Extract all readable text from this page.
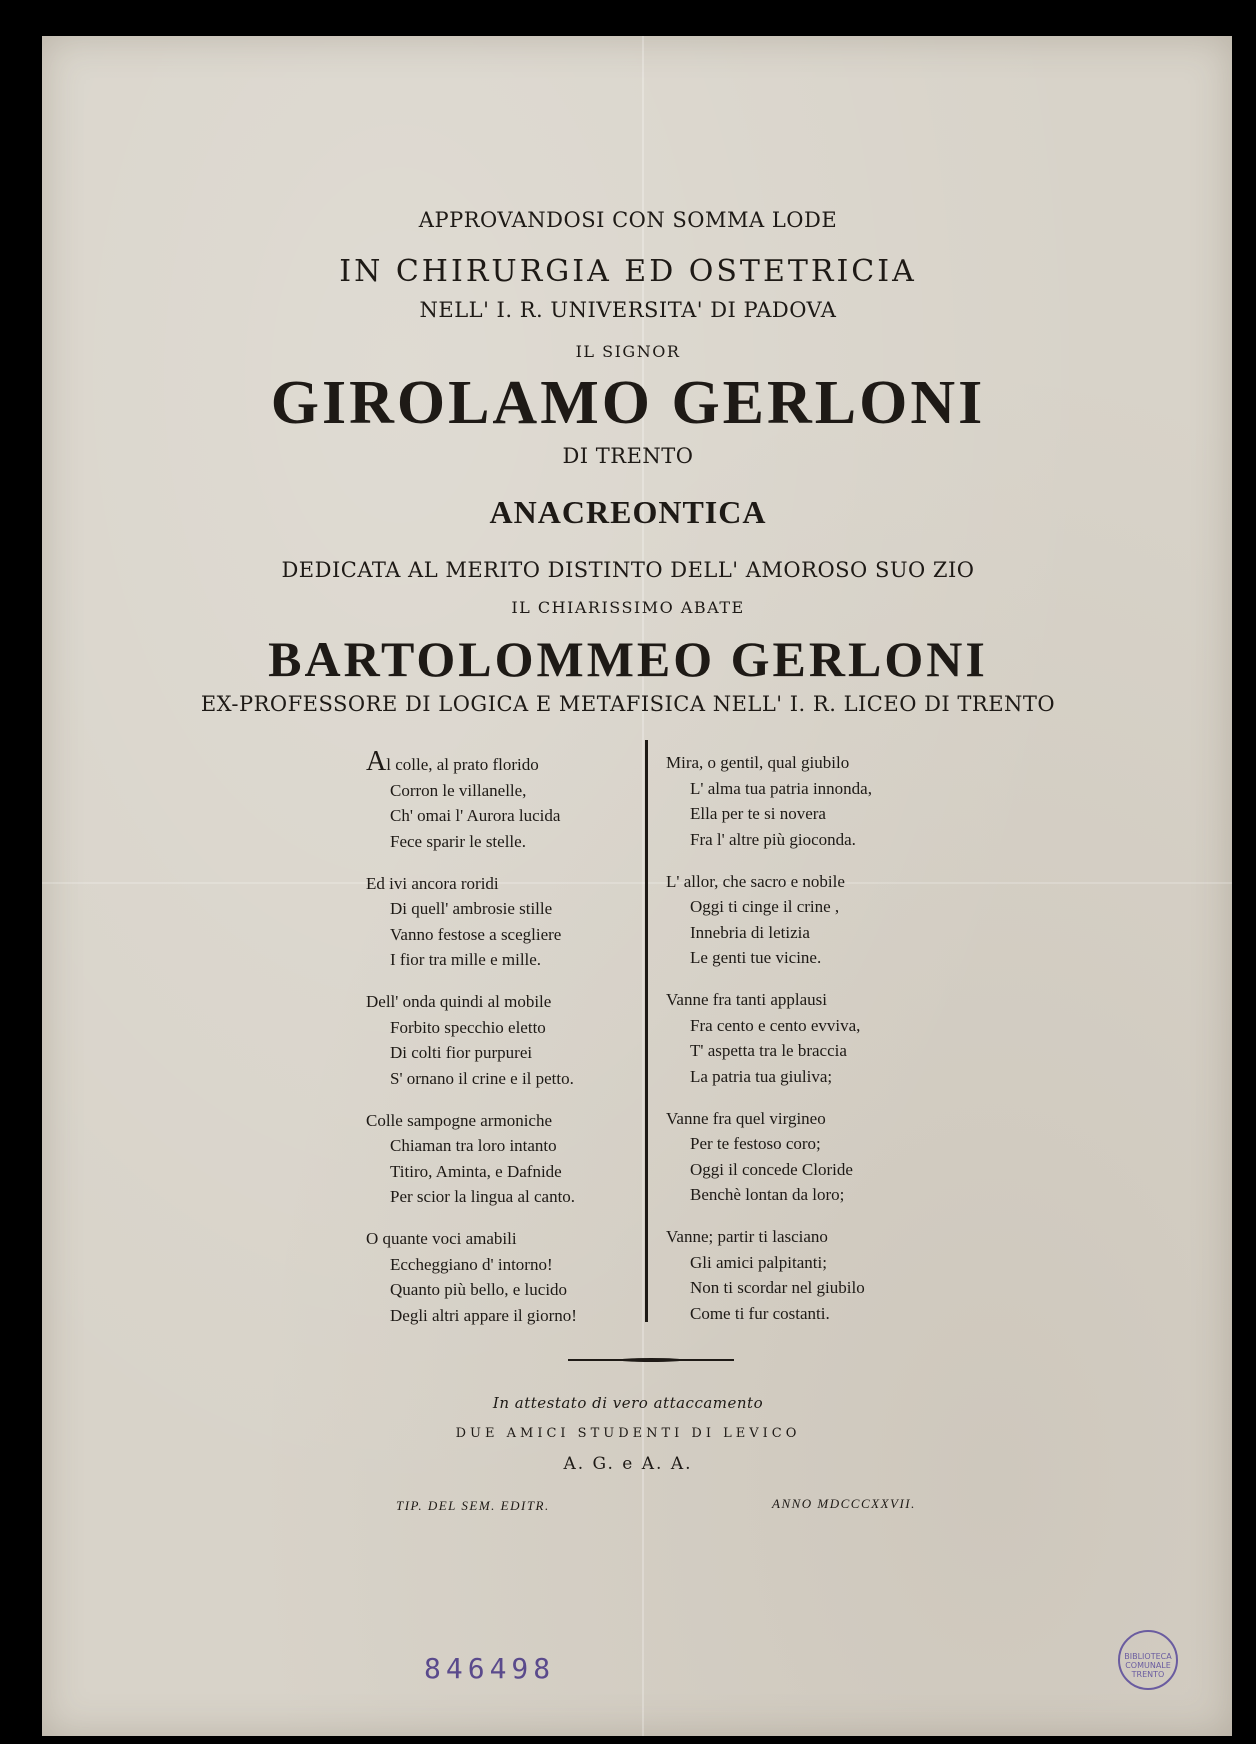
APPROVANDOSI CON SOMMA LODE
IN CHIRURGIA ED OSTETRICIA
NELL' I. R. UNIVERSITA' DI PADOVA
IL SIGNOR
GIROLAMO GERLONI
DI TRENTO
ANACREONTICA
DEDICATA AL MERITO DISTINTO DELL' AMOROSO SUO ZIO
IL CHIARISSIMO ABATE
BARTOLOMMEO GERLONI
EX-PROFESSORE DI LOGICA E METAFISICA NELL' I. R. LICEO DI TRENTO
Al colle, al prato florido
Corron le villanelle,
Ch' omai l' Aurora lucida
Fece sparir le stelle.
Ed ivi ancora roridi
Di quell' ambrosie stille
Vanno festose a scegliere
I fior tra mille e mille.
Dell' onda quindi al mobile
Forbito specchio eletto
Di colti fior purpurei
S' ornano il crine e il petto.
Colle sampogne armoniche
Chiaman tra loro intanto
Titiro, Aminta, e Dafnide
Per scior la lingua al canto.
O quante voci amabili
Eccheggiano d' intorno!
Quanto più bello, e lucido
Degli altri appare il giorno!
Mira, o gentil, qual giubilo
L' alma tua patria innonda,
Ella per te si novera
Fra l' altre più gioconda.
L' allor, che sacro e nobile
Oggi ti cinge il crine ,
Innebria di letizia
Le genti tue vicine.
Vanne fra tanti applausi
Fra cento e cento evviva,
T' aspetta tra le braccia
La patria tua giuliva;
Vanne fra quel virgineo
Per te festoso coro;
Oggi il concede Cloride
Benchè lontan da loro;
Vanne; partir ti lasciano
Gli amici palpitanti;
Non ti scordar nel giubilo
Come ti fur costanti.
In attestato di vero attaccamento
DUE AMICI STUDENTI DI LEVICO
A. G. e A. A.
TIP. DEL SEM. EDITR.	ANNO MDCCCXXVII.
846498	BIBLIOTECA COMUNALE TRENTO
